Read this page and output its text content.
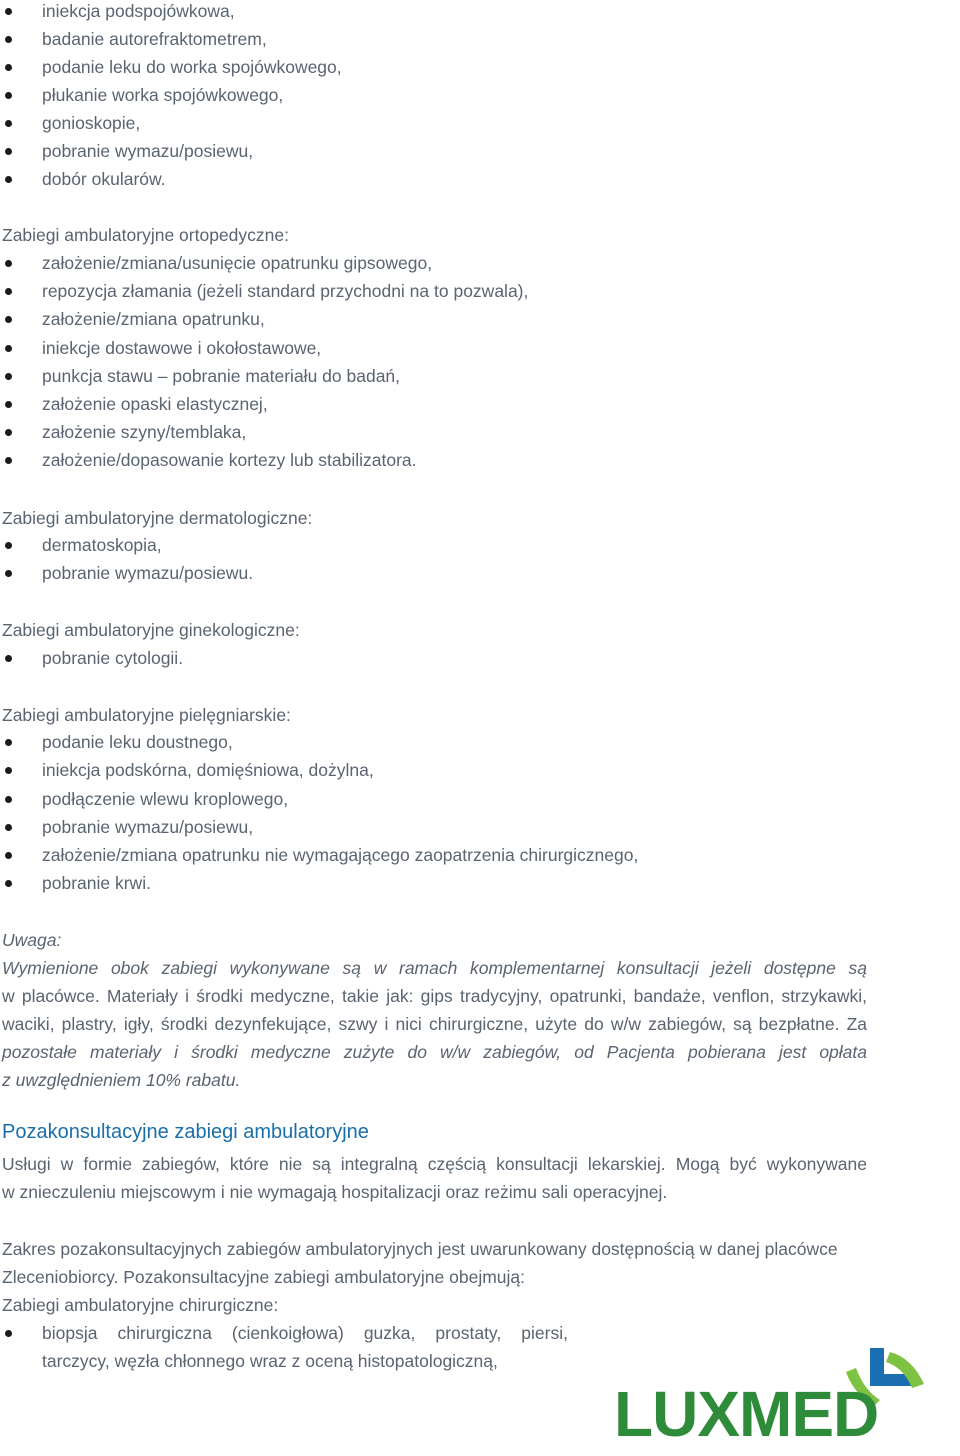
iniekcja podspojówkowa,
badanie autorefraktometrem,
podanie leku do worka spojówkowego,
płukanie worka spojówkowego,
gonioskopie,
pobranie wymazu/posiewu,
dobór okularów.
Zabiegi ambulatoryjne ortopedyczne:
założenie/zmiana/usunięcie opatrunku gipsowego,
repozycja złamania (jeżeli standard przychodni na to pozwala),
założenie/zmiana opatrunku,
iniekcje dostawowe i okołostawowe,
punkcja stawu – pobranie materiału do badań,
założenie opaski elastycznej,
założenie szyny/temblaka,
założenie/dopasowanie kortezy lub stabilizatora.
Zabiegi ambulatoryjne dermatologiczne:
dermatoskopia,
pobranie wymazu/posiewu.
Zabiegi ambulatoryjne ginekologiczne:
pobranie cytologii.
Zabiegi ambulatoryjne pielęgniarskie:
podanie leku doustnego,
iniekcja podskórna, domięśniowa, dożylna,
podłączenie wlewu kroplowego,
pobranie wymazu/posiewu,
założenie/zmiana opatrunku nie wymagającego zaopatrzenia chirurgicznego,
pobranie krwi.
Uwaga:
Wymienione obok zabiegi wykonywane są w ramach komplementarnej konsultacji jeżeli dostępne są
w placówce. Materiały i środki medyczne, takie jak: gips tradycyjny, opatrunki, bandaże, venflon, strzykawki,
waciki, plastry, igły, środki dezynfekujące, szwy i nici chirurgiczne, użyte do w/w zabiegów, są bezpłatne. Za
pozostałe materiały i środki medyczne zużyte do w/w zabiegów, od Pacjenta pobierana jest opłata
z uwzględnieniem 10% rabatu.
Pozakonsultacyjne zabiegi ambulatoryjne
Usługi w formie zabiegów, które nie są integralną częścią konsultacji lekarskiej. Mogą być wykonywane
w znieczuleniu miejscowym i nie wymagają hospitalizacji oraz reżimu sali operacyjnej.
Zakres pozakonsultacyjnych zabiegów ambulatoryjnych jest uwarunkowany dostępnością w danej placówce
Zleceniobiorcy. Pozakonsultacyjne zabiegi ambulatoryjne obejmują:
Zabiegi ambulatoryjne chirurgiczne:
biopsja chirurgiczna (cienkoigłowa) guzka, prostaty, piersi,
tarczycy, węzła chłonnego wraz z oceną histopatologiczną,
LUXMED
